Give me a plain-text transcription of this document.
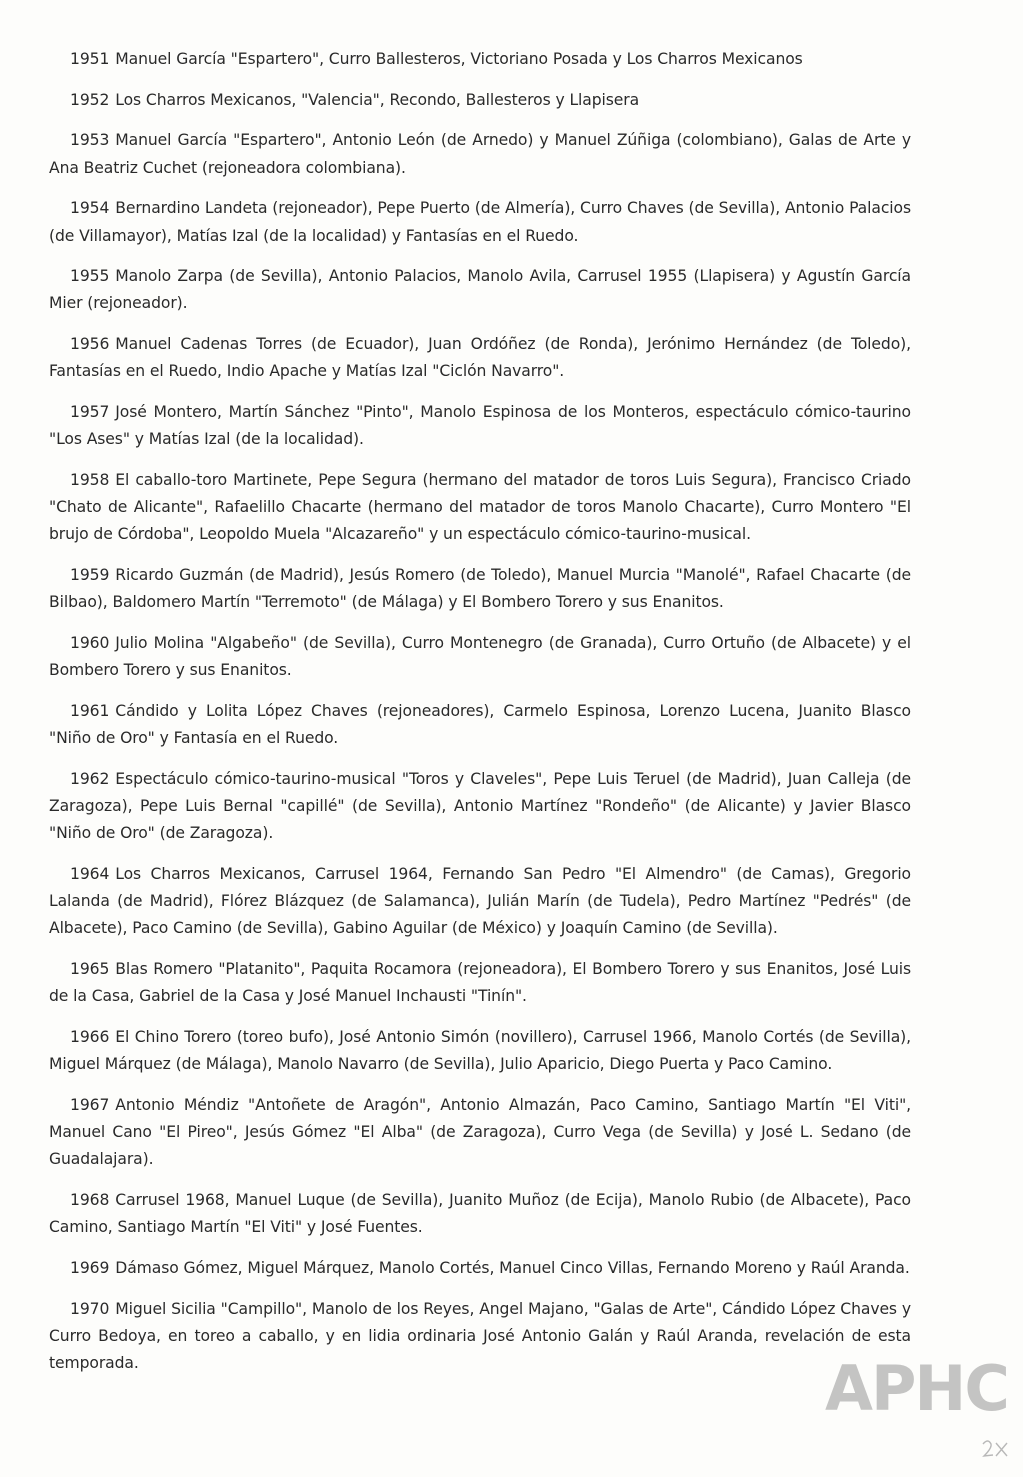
1951 Manuel García "Espartero", Curro Ballesteros, Victoriano Posada y Los Charros Mexicanos

1952 Los Charros Mexicanos, "Valencia", Recondo, Ballesteros y Llapisera

1953 Manuel García "Espartero", Antonio León (de Arnedo) y Manuel Zúñiga (colombiano), Galas de Arte y Ana Beatriz Cuchet (rejoneadora colombiana).

1954 Bernardino Landeta (rejoneador), Pepe Puerto (de Almería), Curro Chaves (de Sevilla), Antonio Palacios (de Villamayor), Matías Izal (de la localidad) y Fantasías en el Ruedo.

1955 Manolo Zarpa (de Sevilla), Antonio Palacios, Manolo Avila, Carrusel 1955 (Llapisera) y Agustín García Mier (rejoneador).

1956 Manuel Cadenas Torres (de Ecuador), Juan Ordóñez (de Ronda), Jerónimo Hernández (de Toledo), Fantasías en el Ruedo, Indio Apache y Matías Izal "Ciclón Navarro".

1957 José Montero, Martín Sánchez "Pinto", Manolo Espinosa de los Monteros, espectáculo cómico-taurino "Los Ases" y Matías Izal (de la localidad).

1958 El caballo-toro Martinete, Pepe Segura (hermano del matador de toros Luis Segura), Francisco Criado "Chato de Alicante", Rafaelillo Chacarte (hermano del matador de toros Manolo Chacarte), Curro Montero "El brujo de Córdoba", Leopoldo Muela "Alcazareño" y un espectáculo cómico-taurino-musical.

1959 Ricardo Guzmán (de Madrid), Jesús Romero (de Toledo), Manuel Murcia "Manolé", Rafael Chacarte (de Bilbao), Baldomero Martín "Terremoto" (de Málaga) y El Bombero Torero y sus Enanitos.

1960 Julio Molina "Algabeño" (de Sevilla), Curro Montenegro (de Granada), Curro Ortuño (de Albacete) y el Bombero Torero y sus Enanitos.

1961 Cándido y Lolita López Chaves (rejoneadores), Carmelo Espinosa, Lorenzo Lucena, Juanito Blasco "Niño de Oro" y Fantasía en el Ruedo.

1962 Espectáculo cómico-taurino-musical "Toros y Claveles", Pepe Luis Teruel (de Madrid), Juan Calleja (de Zaragoza), Pepe Luis Bernal "capillé" (de Sevilla), Antonio Martínez "Rondeño" (de Alicante) y Javier Blasco "Niño de Oro" (de Zaragoza).

1964 Los Charros Mexicanos, Carrusel 1964, Fernando San Pedro "El Almendro" (de Camas), Gregorio Lalanda (de Madrid), Flórez Blázquez (de Salamanca), Julián Marín (de Tudela), Pedro Martínez "Pedrés" (de Albacete), Paco Camino (de Sevilla), Gabino Aguilar (de México) y Joaquín Camino (de Sevilla).

1965 Blas Romero "Platanito", Paquita Rocamora (rejoneadora), El Bombero Torero y sus Enanitos, José Luis de la Casa, Gabriel de la Casa y José Manuel Inchausti "Tinín".

1966 El Chino Torero (toreo bufo), José Antonio Simón (novillero), Carrusel 1966, Manolo Cortés (de Sevilla), Miguel Márquez (de Málaga), Manolo Navarro (de Sevilla), Julio Aparicio, Diego Puerta y Paco Camino.

1967 Antonio Méndiz "Antoñete de Aragón", Antonio Almazán, Paco Camino, Santiago Martín "El Viti", Manuel Cano "El Pireo", Jesús Gómez "El Alba" (de Zaragoza), Curro Vega (de Sevilla) y José L. Sedano (de Guadalajara).

1968 Carrusel 1968, Manuel Luque (de Sevilla), Juanito Muñoz (de Ecija), Manolo Rubio (de Albacete), Paco Camino, Santiago Martín "El Viti" y José Fuentes.

1969 Dámaso Gómez, Miguel Márquez, Manolo Cortés, Manuel Cinco Villas, Fernando Moreno y Raúl Aranda.

1970 Miguel Sicilia "Campillo", Manolo de los Reyes, Angel Majano, "Galas de Arte", Cándido López Chaves y Curro Bedoya, en toreo a caballo, y en lidia ordinaria José Antonio Galán y Raúl Aranda, revelación de esta temporada.	APHC
